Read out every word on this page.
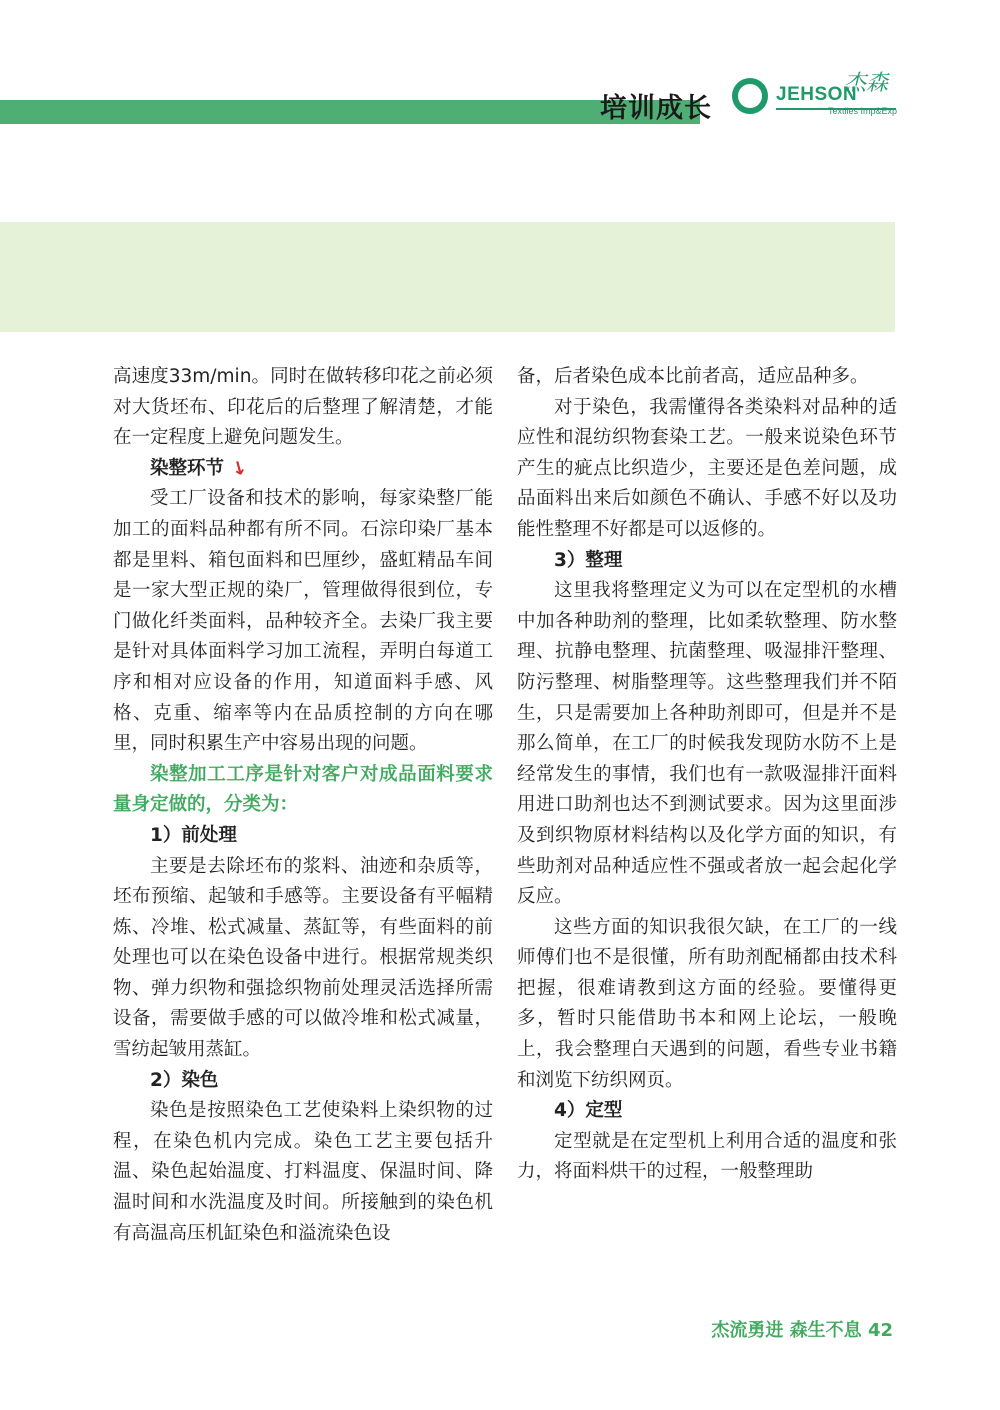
培训成长	JEHSON
杰森
Textiles Imp&Exp

高速度33m/min。同时在做转移印花之前必须对大货坯布、印花后的后整理了解清楚，才能在一定程度上避免问题发生。

染整环节 ↘

受工厂设备和技术的影响，每家染整厂能加工的面料品种都有所不同。石淙印染厂基本都是里料、箱包面料和巴厘纱，盛虹精品车间是一家大型正规的染厂，管理做得很到位，专门做化纤类面料，品种较齐全。去染厂我主要是针对具体面料学习加工流程，弄明白每道工序和相对应设备的作用，知道面料手感、风格、克重、缩率等内在品质控制的方向在哪里，同时积累生产中容易出现的问题。

染整加工工序是针对客户对成品面料要求量身定做的，分类为：

1）前处理

主要是去除坯布的浆料、油迹和杂质等，坯布预缩、起皱和手感等。主要设备有平幅精炼、冷堆、松式减量、蒸缸等，有些面料的前处理也可以在染色设备中进行。根据常规类织物、弹力织物和强捻织物前处理灵活选择所需设备，需要做手感的可以做冷堆和松式减量，雪纺起皱用蒸缸。

2）染色

染色是按照染色工艺使染料上染织物的过程，在染色机内完成。染色工艺主要包括升温、染色起始温度、打料温度、保温时间、降温时间和水洗温度及时间。所接触到的染色机有高温高压机缸染色和溢流染色设

备，后者染色成本比前者高，适应品种多。

对于染色，我需懂得各类染料对品种的适应性和混纺织物套染工艺。一般来说染色环节产生的疵点比织造少，主要还是色差问题，成品面料出来后如颜色不确认、手感不好以及功能性整理不好都是可以返修的。

3）整理

这里我将整理定义为可以在定型机的水槽中加各种助剂的整理，比如柔软整理、防水整理、抗静电整理、抗菌整理、吸湿排汗整理、防污整理、树脂整理等。这些整理我们并不陌生，只是需要加上各种助剂即可，但是并不是那么简单，在工厂的时候我发现防水防不上是经常发生的事情，我们也有一款吸湿排汗面料用进口助剂也达不到测试要求。因为这里面涉及到织物原材料结构以及化学方面的知识，有些助剂对品种适应性不强或者放一起会起化学反应。

这些方面的知识我很欠缺，在工厂的一线师傅们也不是很懂，所有助剂配桶都由技术科把握，很难请教到这方面的经验。要懂得更多，暂时只能借助书本和网上论坛，一般晚上，我会整理白天遇到的问题，看些专业书籍和浏览下纺织网页。

4）定型

定型就是在定型机上利用合适的温度和张力，将面料烘干的过程，一般整理助

杰流勇进 森生不息 42
